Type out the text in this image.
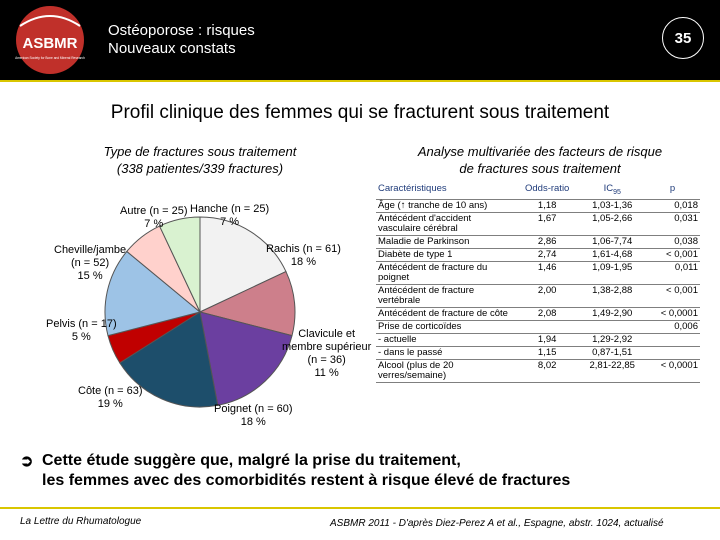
ASBMR
American Society for Bone and Mineral Research
Ostéoporose : risques
Nouveaux constats
35
Profil clinique des femmes qui se fracturent sous traitement
Type de fractures sous traitement
(338 patientes/339 fractures)
Analyse multivariée des facteurs de risque
de fractures sous traitement
Autre (n = 25)
7 %
Hanche (n = 25)
7 %
Rachis (n = 61)
18 %
Cheville/jambe
(n = 52)
15 %
Pelvis (n = 17)
5 %	Clavicule et
membre supérieur
(n = 36)
11 %
Côte (n = 63)
19 %	Poignet (n = 60)
18 %
Caractéristiques	Odds-ratio	$IC_{95}$	p
Âge (↑ tranche de 10 ans)	1,18	1,03-1,36	0,018
Antécédent d'accident vasculaire cérébral	1,67	1,05-2,66	0,031
Maladie de Parkinson	2,86	1,06-7,74	0,038
Diabète de type 1	2,74	1,61-4,68	< 0,001
Antécédent de fracture du poignet	1,46	1,09-1,95	0,011
Antécédent de fracture vertébrale	2,00	1,38-2,88	< 0,001
Antécédent de fracture de côte	2,08	1,49-2,90	< 0,0001
Prise de corticoïdes			0,006
- actuelle	1,94	1,29-2,92	
- dans le passé	1,15	0,87-1,51	
Alcool (plus de 20 verres/semaine)	8,02	2,81-22,85	< 0,0001
➲ Cette étude suggère que, malgré la prise du traitement,
les femmes avec des comorbidités restent à risque élevé de fractures
La Lettre du Rhumatologue	ASBMR 2011 - D'après Diez-Perez A et al., Espagne, abstr. 1024, actualisé
